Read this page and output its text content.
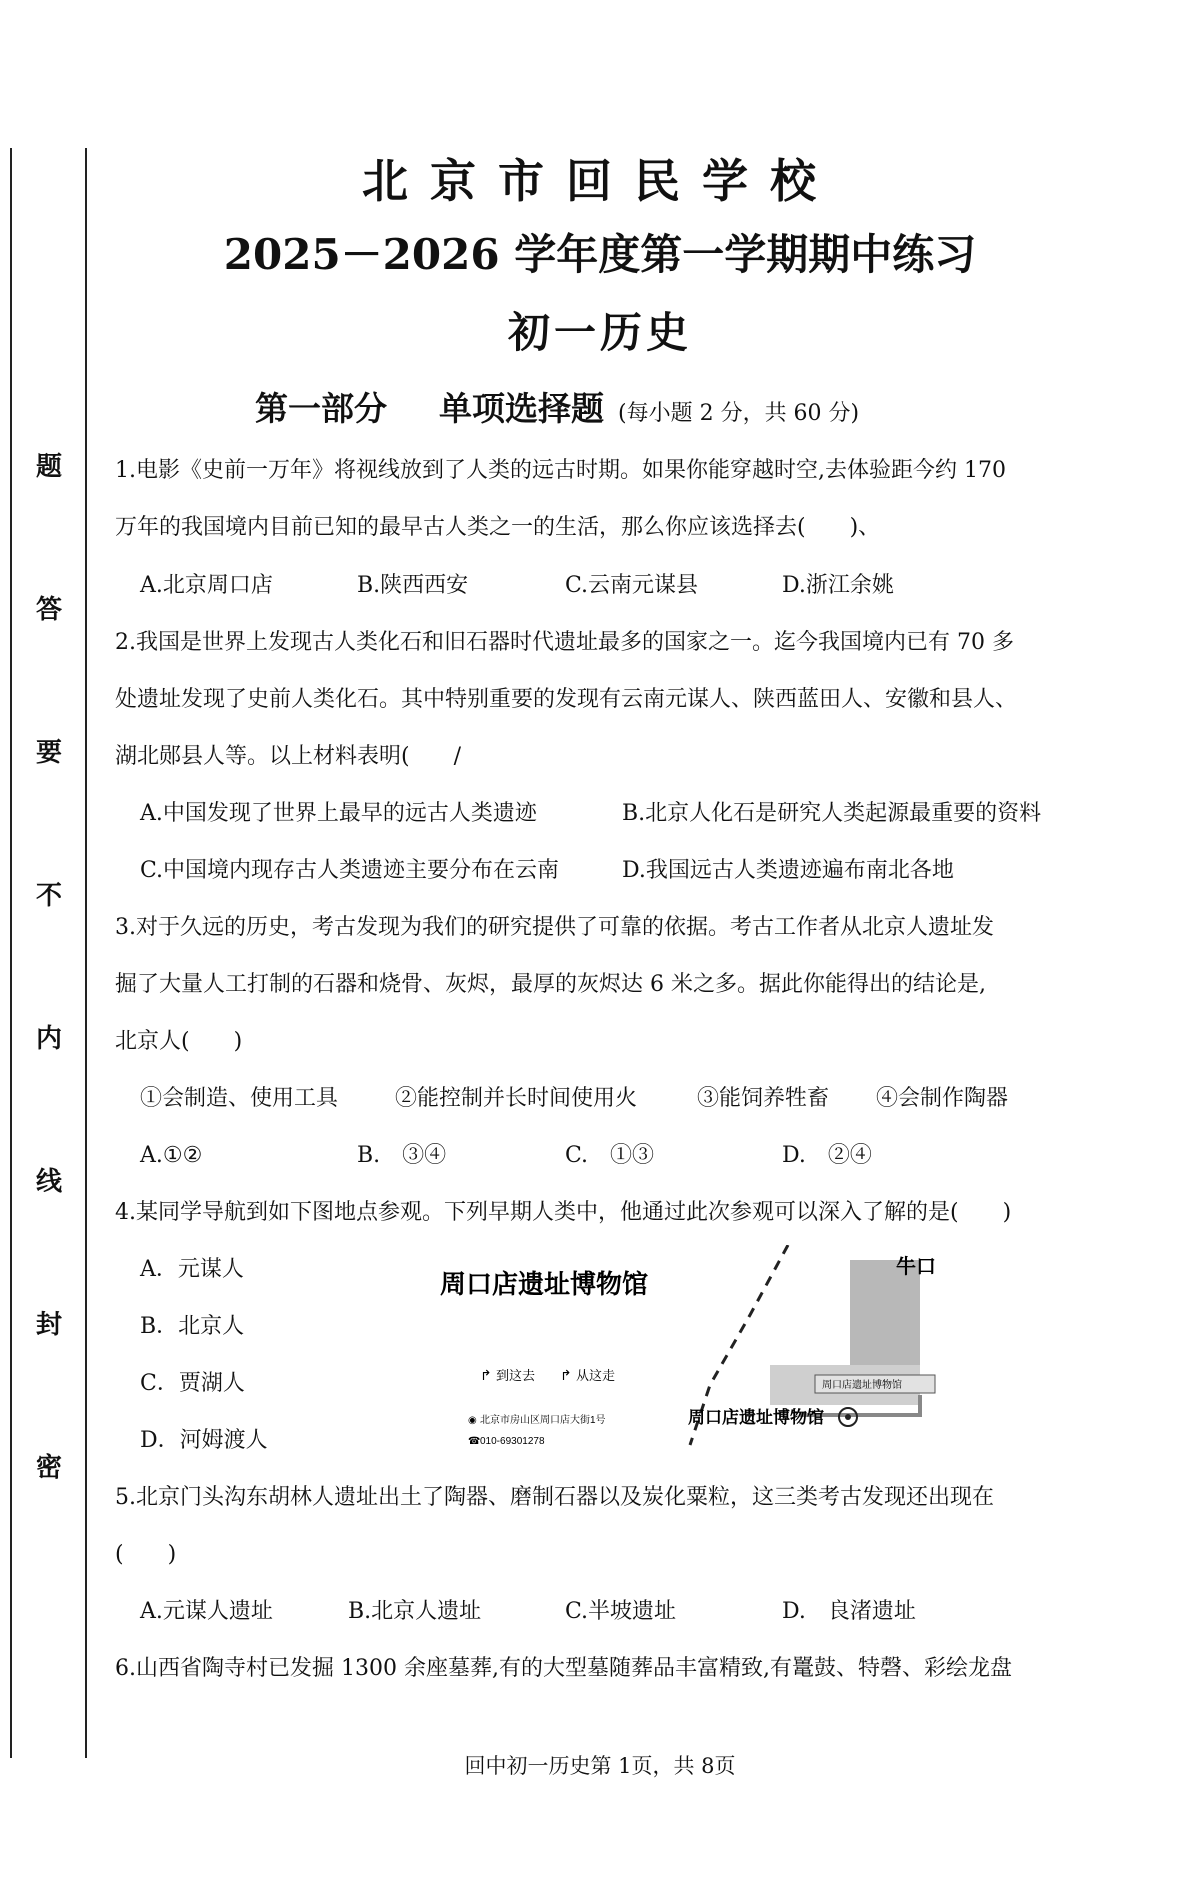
题
答
要
不
内
线
封
密
北京市回民学校
2025－2026 学年度第一学期期中练习
初一历史
第一部分 单项选择题 (每小题 2 分，共 60 分)
1.电影《史前一万年》将视线放到了人类的远古时期。如果你能穿越时空,去体验距今约 170
万年的我国境内目前已知的最早古人类之一的生活，那么你应该选择去(　　)、
A.北京周口店	B.陕西西安	C.云南元谋县	D.浙江余姚
2.我国是世界上发现古人类化石和旧石器时代遗址最多的国家之一。迄今我国境内已有 70 多
处遗址发现了史前人类化石。其中特别重要的发现有云南元谋人、陕西蓝田人、安徽和县人、
湖北郧县人等。以上材料表明(　　/
A.中国发现了世界上最早的远古人类遗迹	B.北京人化石是研究人类起源最重要的资料
C.中国境内现存古人类遗迹主要分布在云南	D.我国远古人类遗迹遍布南北各地
3.对于久远的历史，考古发现为我们的研究提供了可靠的依据。考古工作者从北京人遗址发
掘了大量人工打制的石器和烧骨、灰烬，最厚的灰烬达 6 米之多。据此你能得出的结论是,
北京人(　　)
①会制造、使用工具	②能控制并长时间使用火	③能饲养牲畜 ④会制作陶器
A.①②	B.　③④	C.　①③	D.　②④
4.某同学导航到如下图地点参观。下列早期人类中，他通过此次参观可以深入了解的是(　　)
A．元谋人
B．北京人
C．贾湖人
D．河姆渡人
周口店遗址博物馆
牛口
↱ 到这去 ↱ 从这走
◉ 北京市房山区周口店大街1号
☎ 010-69301278
周口店遗址博物馆
周口店遗址博物馆
5.北京门头沟东胡林人遗址出土了陶器、磨制石器以及炭化粟粒，这三类考古发现还出现在
(　　)
A.元谋人遗址	B.北京人遗址	C.半坡遗址	D.　良渚遗址
6.山西省陶寺村已发掘 1300 余座墓葬,有的大型墓随葬品丰富精致,有鼍鼓、特磬、彩绘龙盘
回中初一历史第 1页，共 8页
